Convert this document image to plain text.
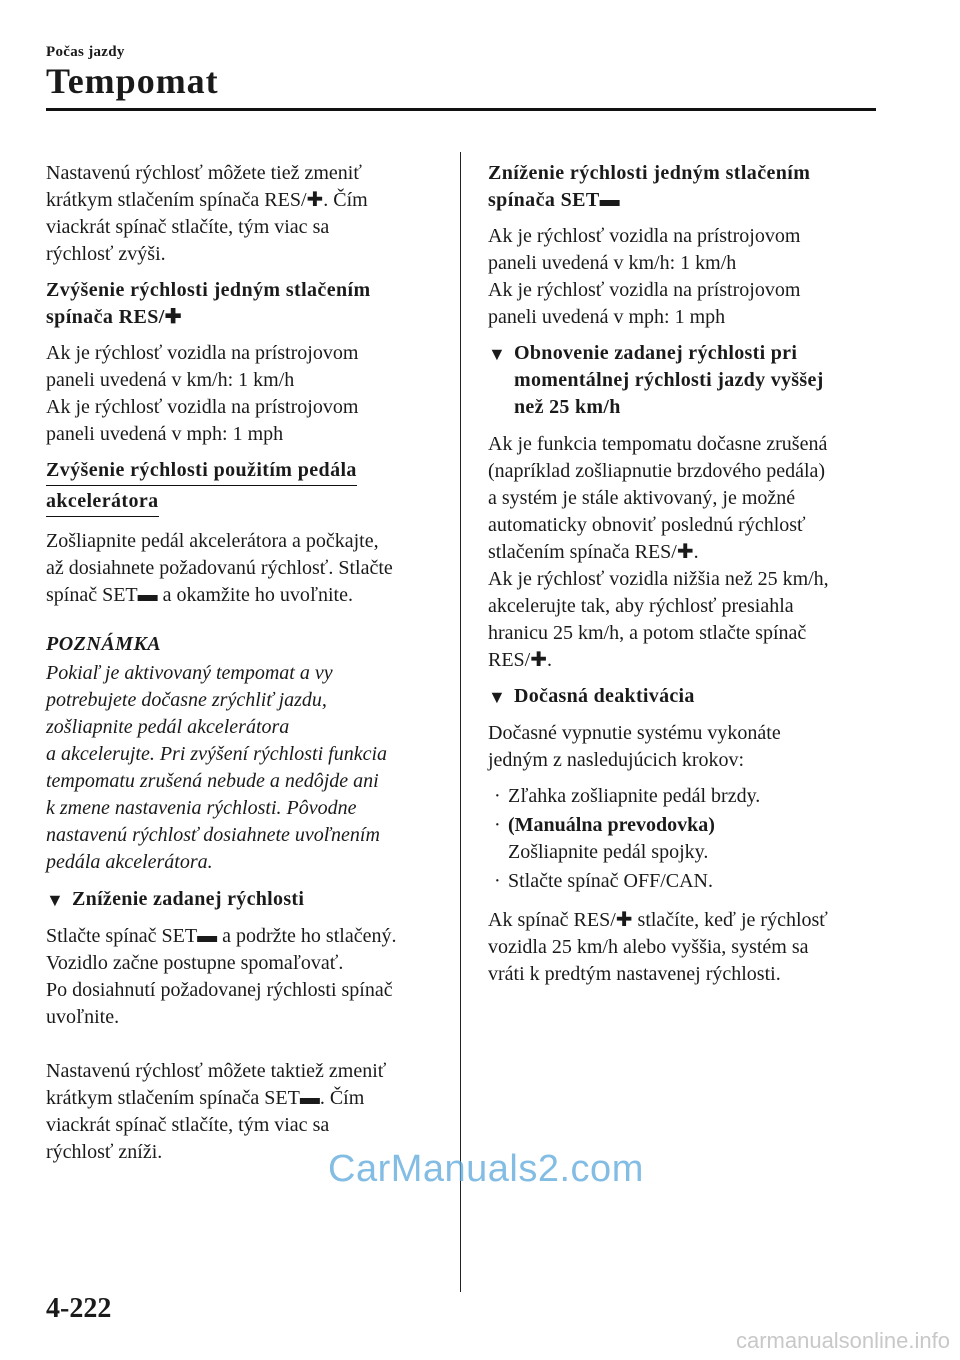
Počas jazdy
Tempomat

Nastavenú rýchlosť môžete tiež zmeniť
krátkym stlačením spínača RES/✚. Čím
viackrát spínač stlačíte, tým viac sa
rýchlosť zvýši.

Zvýšenie rýchlosti jedným stlačením
spínača RES/✚

Ak je rýchlosť vozidla na prístrojovom
paneli uvedená v km/h: 1 km/h
Ak je rýchlosť vozidla na prístrojovom
paneli uvedená v mph: 1 mph

Zvýšenie rýchlosti použitím pedála
akcelerátora

Zošliapnite pedál akcelerátora a počkajte,
až dosiahnete požadovanú rýchlosť. Stlačte
spínač SET▬ a okamžite ho uvoľnite.

POZNÁMKA

Pokiaľ je aktivovaný tempomat a vy
potrebujete dočasne zrýchliť jazdu,
zošliapnite pedál akcelerátora
a akcelerujte. Pri zvýšení rýchlosti funkcia
tempomatu zrušená nebude a nedôjde ani
k zmene nastavenia rýchlosti. Pôvodne
nastavenú rýchlosť dosiahnete uvoľnením
pedála akcelerátora.

▼ Zníženie zadanej rýchlosti

Stlačte spínač SET▬ a podržte ho stlačený.
Vozidlo začne postupne spomaľovať.
Po dosiahnutí požadovanej rýchlosti spínač
uvoľnite.

Nastavenú rýchlosť môžete taktiež zmeniť
krátkym stlačením spínača SET▬. Čím
viackrát spínač stlačíte, tým viac sa
rýchlosť zníži.

Zníženie rýchlosti jedným stlačením
spínača SET▬

Ak je rýchlosť vozidla na prístrojovom
paneli uvedená v km/h: 1 km/h
Ak je rýchlosť vozidla na prístrojovom
paneli uvedená v mph: 1 mph

▼ Obnovenie zadanej rýchlosti pri
momentálnej rýchlosti jazdy vyššej
než 25 km/h

Ak je funkcia tempomatu dočasne zrušená
(napríklad zošliapnutie brzdového pedála)
a systém je stále aktivovaný, je možné
automaticky obnoviť poslednú rýchlosť
stlačením spínača RES/✚.
Ak je rýchlosť vozidla nižšia než 25 km/h,
akcelerujte tak, aby rýchlosť presiahla
hranicu 25 km/h, a potom stlačte spínač
RES/✚.

▼ Dočasná deaktivácia

Dočasné vypnutie systému vykonáte
jedným z nasledujúcich krokov:

· Zľahka zošliapnite pedál brzdy.
· (Manuálna prevodovka)
Zošliapnite pedál spojky.
· Stlačte spínač OFF/CAN.

Ak spínač RES/✚ stlačíte, keď je rýchlosť
vozidla 25 km/h alebo vyššia, systém sa
vráti k predtým nastavenej rýchlosti.

CarManuals2.com
4-222
carmanualsonline.info
